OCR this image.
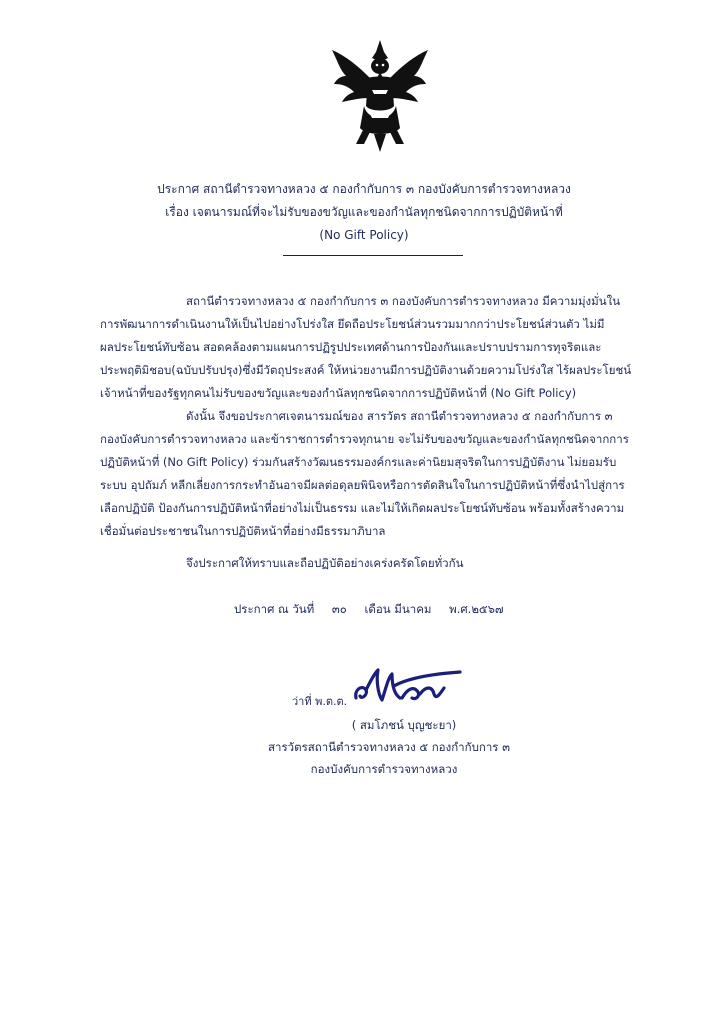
ประกาศ สถานีตำรวจทางหลวง ๕ กองกำกับการ ๓ กองบังคับการตำรวจทางหลวง
เรื่อง เจตนารมณ์ที่จะไม่รับของขวัญและของกำนัลทุกชนิดจากการปฏิบัติหน้าที่
(No Gift Policy)
สถานีตำรวจทางหลวง ๕ กองกำกับการ ๓ กองบังคับการตำรวจทางหลวง มีความมุ่งมั่นใน
การพัฒนาการดำเนินงานให้เป็นไปอย่างโปร่งใส ยึดถือประโยชน์ส่วนรวมมากกว่าประโยชน์ส่วนตัว ไม่มี
ผลประโยชน์ทับซ้อน สอดคล้องตามแผนการปฏิรูปประเทศด้านการป้องกันและปราบปรามการทุจริตและ
ประพฤติมิชอบ(ฉบับปรับปรุง)ซึ่งมีวัตถุประสงค์ ให้หน่วยงานมีการปฏิบัติงานด้วยความโปร่งใส ไร้ผลประโยชน์
เจ้าหน้าที่ของรัฐทุกคนไม่รับของขวัญและของกำนัลทุกชนิดจากการปฏิบัติหน้าที่ (No Gift Policy)
ดังนั้น จึงขอประกาศเจตนารมณ์ของ สารวัตร สถานีตำรวจทางหลวง ๕ กองกำกับการ ๓
กองบังคับการตำรวจทางหลวง และข้าราชการตำรวจทุกนาย จะไม่รับของขวัญและของกำนัลทุกชนิดจากการ
ปฏิบัติหน้าที่ (No Gift Policy) ร่วมกันสร้างวัฒนธรรมองค์กรและค่านิยมสุจริตในการปฏิบัติงาน ไม่ยอมรับ
ระบบ อุปถัมภ์ หลีกเลี่ยงการกระทำอันอาจมีผลต่อดุลยพินิจหรือการตัดสินใจในการปฏิบัติหน้าที่ซึ่งนำไปสู่การ
เลือกปฏิบัติ ป้องกันการปฏิบัติหน้าที่อย่างไม่เป็นธรรม และไม่ให้เกิดผลประโยชน์ทับซ้อน พร้อมทั้งสร้างความ
เชื่อมั่นต่อประชาชนในการปฏิบัติหน้าที่อย่างมีธรรมาภิบาล
จึงประกาศให้ทราบและถือปฏิบัติอย่างเคร่งครัดโดยทั่วกัน
ประกาศ ณ วันที่ ๓๐ เดือน มีนาคม พ.ศ.๒๕๖๗
ว่าที่ พ.ต.ต.
( สมโภชน์ บุญชะยา)
สารวัตรสถานีตำรวจทางหลวง ๕ กองกำกับการ ๓
กองบังคับการตำรวจทางหลวง
